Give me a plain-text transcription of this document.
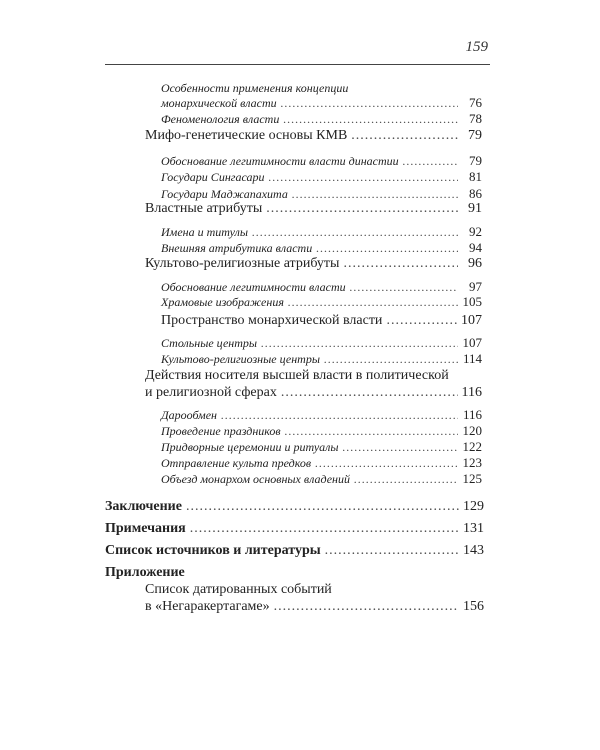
159
Особенности применения концепции
монархической власти .....	76
Феноменология власти .....	78
Мифо-генетические основы КМВ .....	79
Обоснование легитимности власти династии .....	79
Государи Сингасари .....	81
Государи Маджапахита .....	86
Властные атрибуты .....	91
Имена и титулы .....	92
Внешняя атрибутика власти .....	94
Культово-религиозные атрибуты .....	96
Обоснование легитимности власти .....	97
Храмовые изображения .....	105
Пространство монархической власти .....	107
Стольные центры .....	107
Культово-религиозные центры .....	114
Действия носителя высшей власти в политической
и религиозной сферах .....	116
Дарообмен .....	116
Проведение праздников .....	120
Придворные церемонии и ритуалы .....	122
Отправление культа предков .....	123
Объезд монархом основных владений .....	125
Заключение .....	129
Примечания .....	131
Список источников и литературы .....	143
Приложение
Список датированных событий
в «Негаракертагаме» .....	156
